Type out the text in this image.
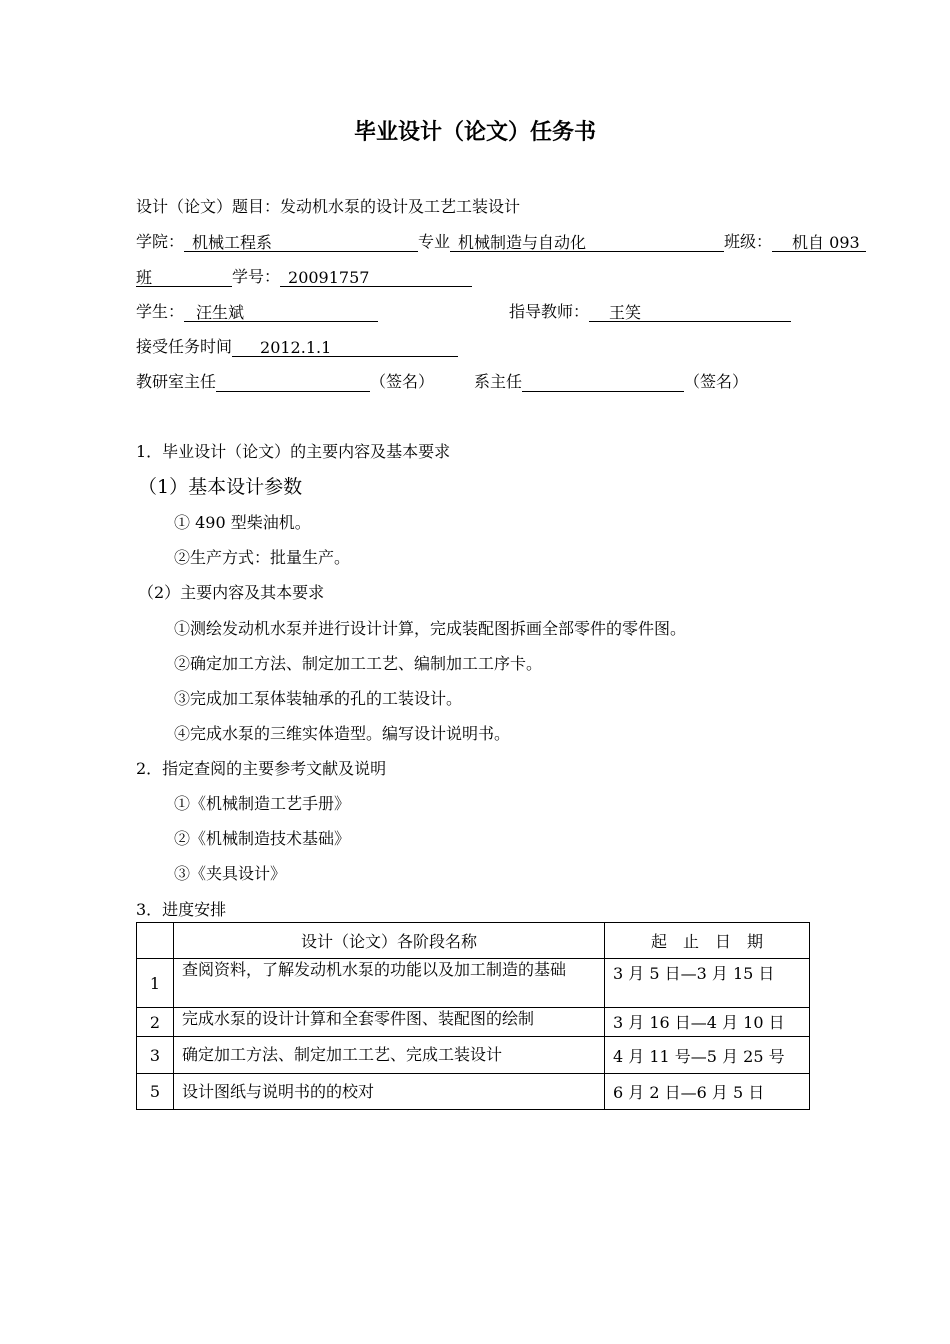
毕业设计（论文）任务书
设计（论文）题目：发动机水泵的设计及工艺工装设计
学院： 机械工程系	专业 机械制造与自动化	班级： 机自 093
班	学号： 20091757
学生： 汪生斌	指导教师： 王笑
接受任务时间 2012.1.1
教研室主任	（签名）	系主任	（签名）
1．毕业设计（论文）的主要内容及基本要求
（1）基本设计参数
① 490 型柴油机。
②生产方式：批量生产。
（2）主要内容及其本要求
①测绘发动机水泵并进行设计计算，完成装配图拆画全部零件的零件图。
②确定加工方法、制定加工工艺、编制加工工序卡。
③完成加工泵体装轴承的孔的工装设计。
④完成水泵的三维实体造型。编写设计说明书。
2．指定查阅的主要参考文献及说明
①《机械制造工艺手册》
②《机械制造技术基础》
③《夹具设计》
3．进度安排
	设计（论文）各阶段名称	起　止　日　期
1	查阅资料，了解发动机水泵的功能以及加工制造的基础	3 月 5 日—3 月 15 日
2	完成水泵的设计计算和全套零件图、装配图的绘制	3 月 16 日—4 月 10 日
3	确定加工方法、制定加工工艺、完成工装设计	4 月 11 号—5 月 25 号
5	设计图纸与说明书的的校对	6 月 2 日—6 月 5 日
